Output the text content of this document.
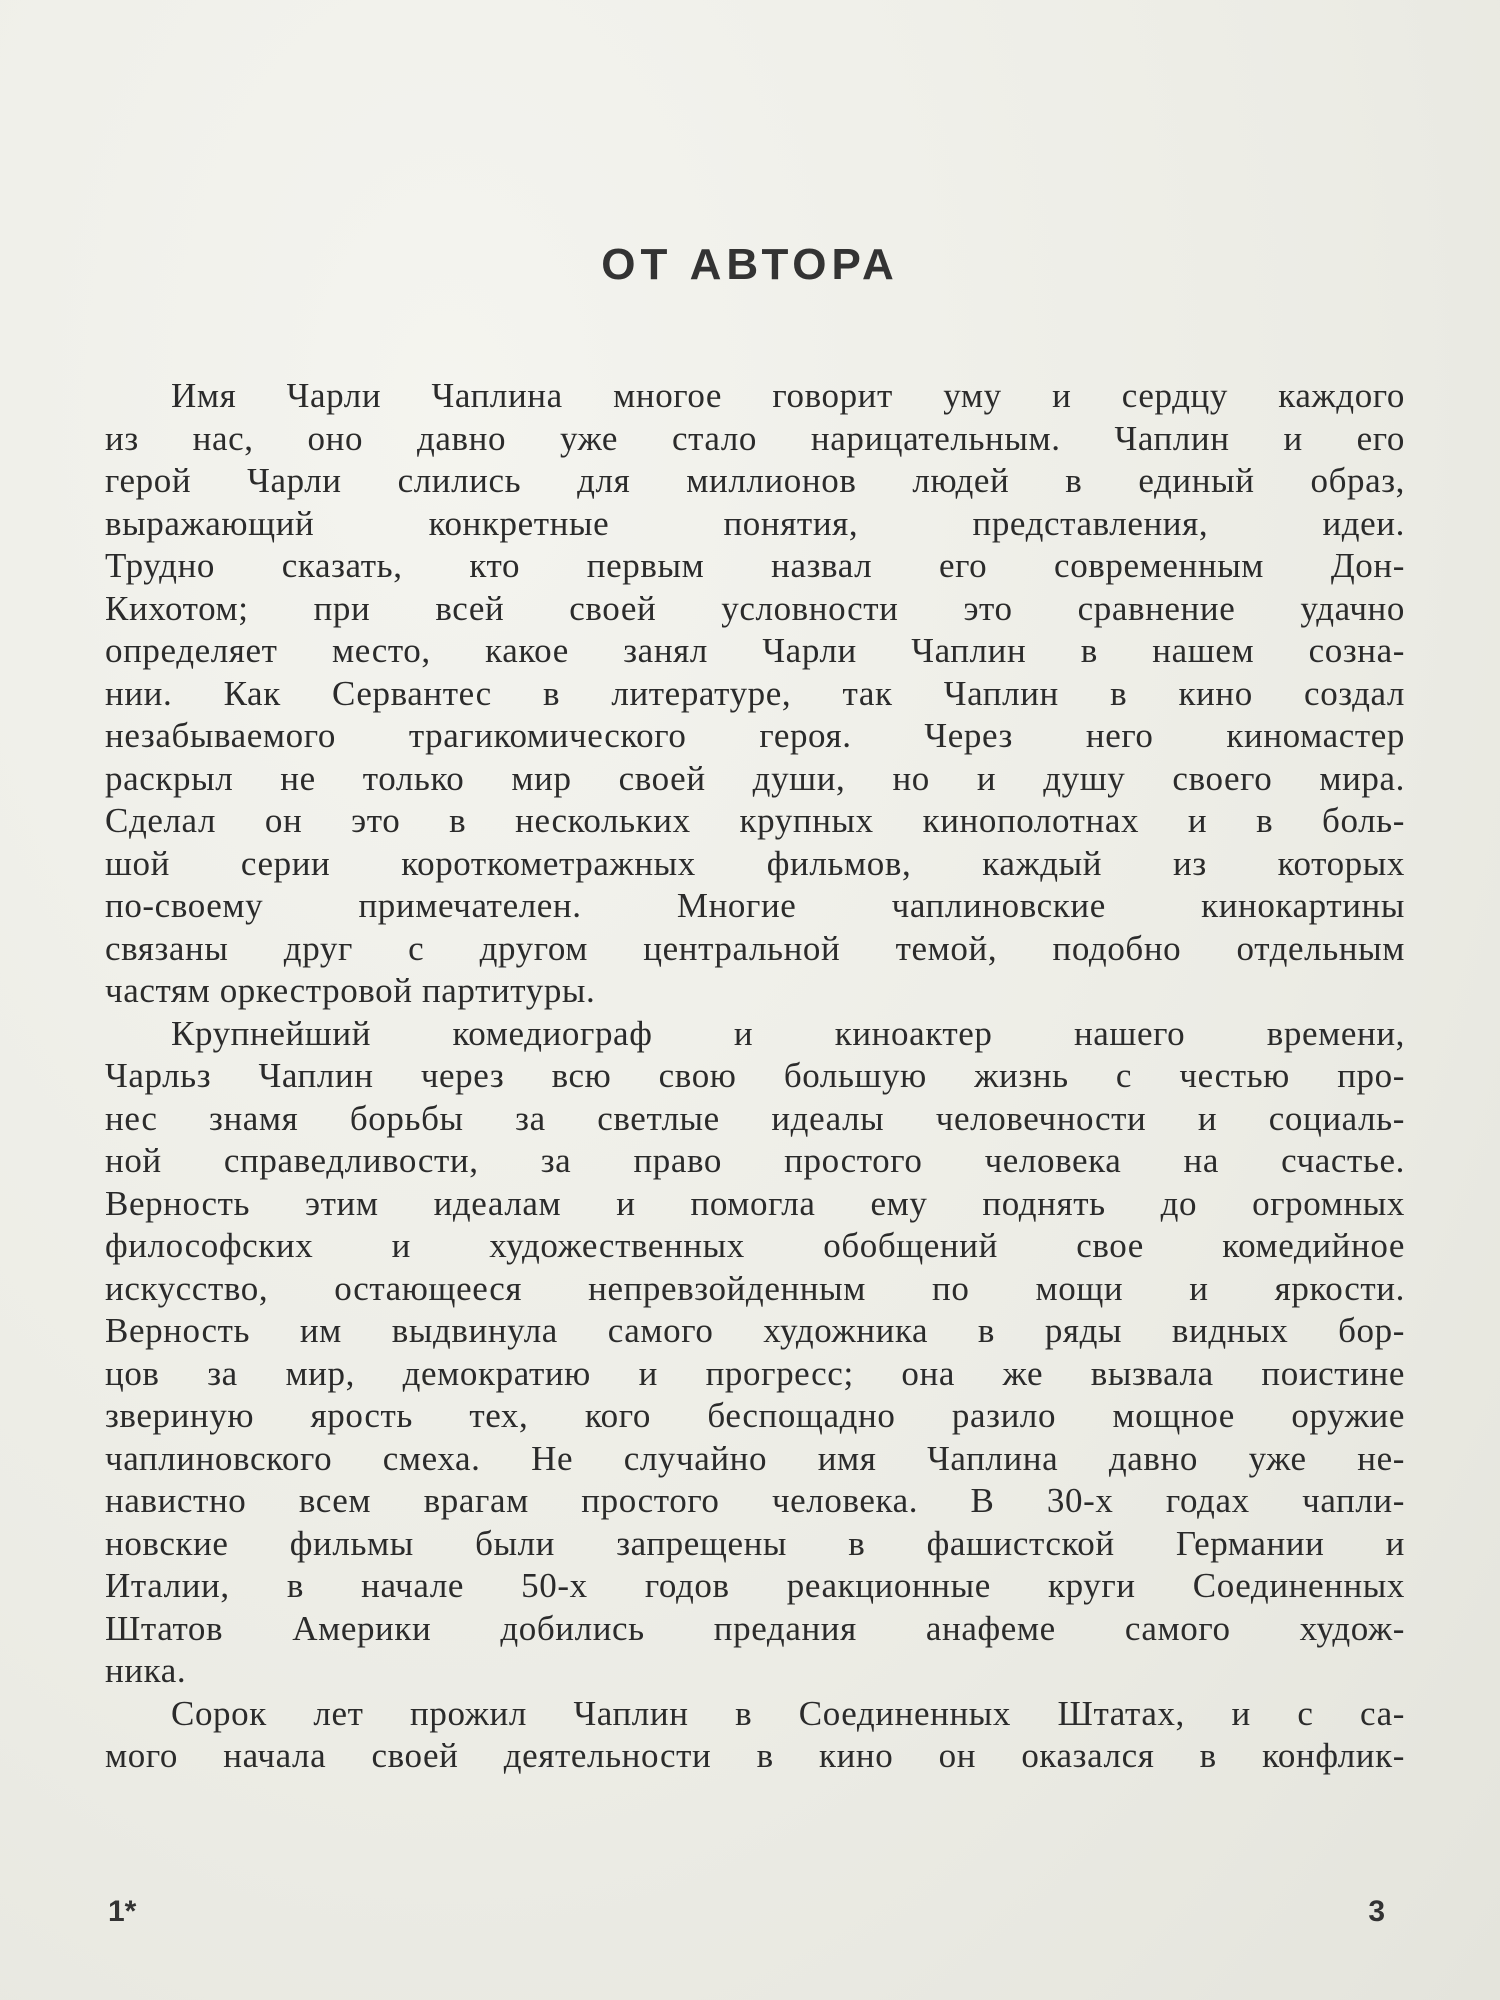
ОТ АВТОРА
Имя Чарли Чаплина многое говорит уму и сердцу каждого
из нас, оно давно уже стало нарицательным. Чаплин и его
герой Чарли слились для миллионов людей в единый образ,
выражающий конкретные понятия, представления, идеи.
Трудно сказать, кто первым назвал его современным Дон-
Кихотом; при всей своей условности это сравнение удачно
определяет место, какое занял Чарли Чаплин в нашем созна-
нии. Как Сервантес в литературе, так Чаплин в кино создал
незабываемого трагикомического героя. Через него киномастер
раскрыл не только мир своей души, но и душу своего мира.
Сделал он это в нескольких крупных кинополотнах и в боль-
шой серии короткометражных фильмов, каждый из которых
по-своему примечателен. Многие чаплиновские кинокартины
связаны друг с другом центральной темой, подобно отдельным
частям оркестровой партитуры.
Крупнейший комедиограф и киноактер нашего времени,
Чарльз Чаплин через всю свою большую жизнь с честью про-
нес знамя борьбы за светлые идеалы человечности и социаль-
ной справедливости, за право простого человека на счастье.
Верность этим идеалам и помогла ему поднять до огромных
философских и художественных обобщений свое комедийное
искусство, остающееся непревзойденным по мощи и яркости.
Верность им выдвинула самого художника в ряды видных бор-
цов за мир, демократию и прогресс; она же вызвала поистине
звериную ярость тех, кого беспощадно разило мощное оружие
чаплиновского смеха. Не случайно имя Чаплина давно уже не-
навистно всем врагам простого человека. В 30-х годах чапли-
новские фильмы были запрещены в фашистской Германии и
Италии, в начале 50-х годов реакционные круги Соединенных
Штатов Америки добились предания анафеме самого худож-
ника.
Сорок лет прожил Чаплин в Соединенных Штатах, и с са-
мого начала своей деятельности в кино он оказался в конфлик-
1*	3
